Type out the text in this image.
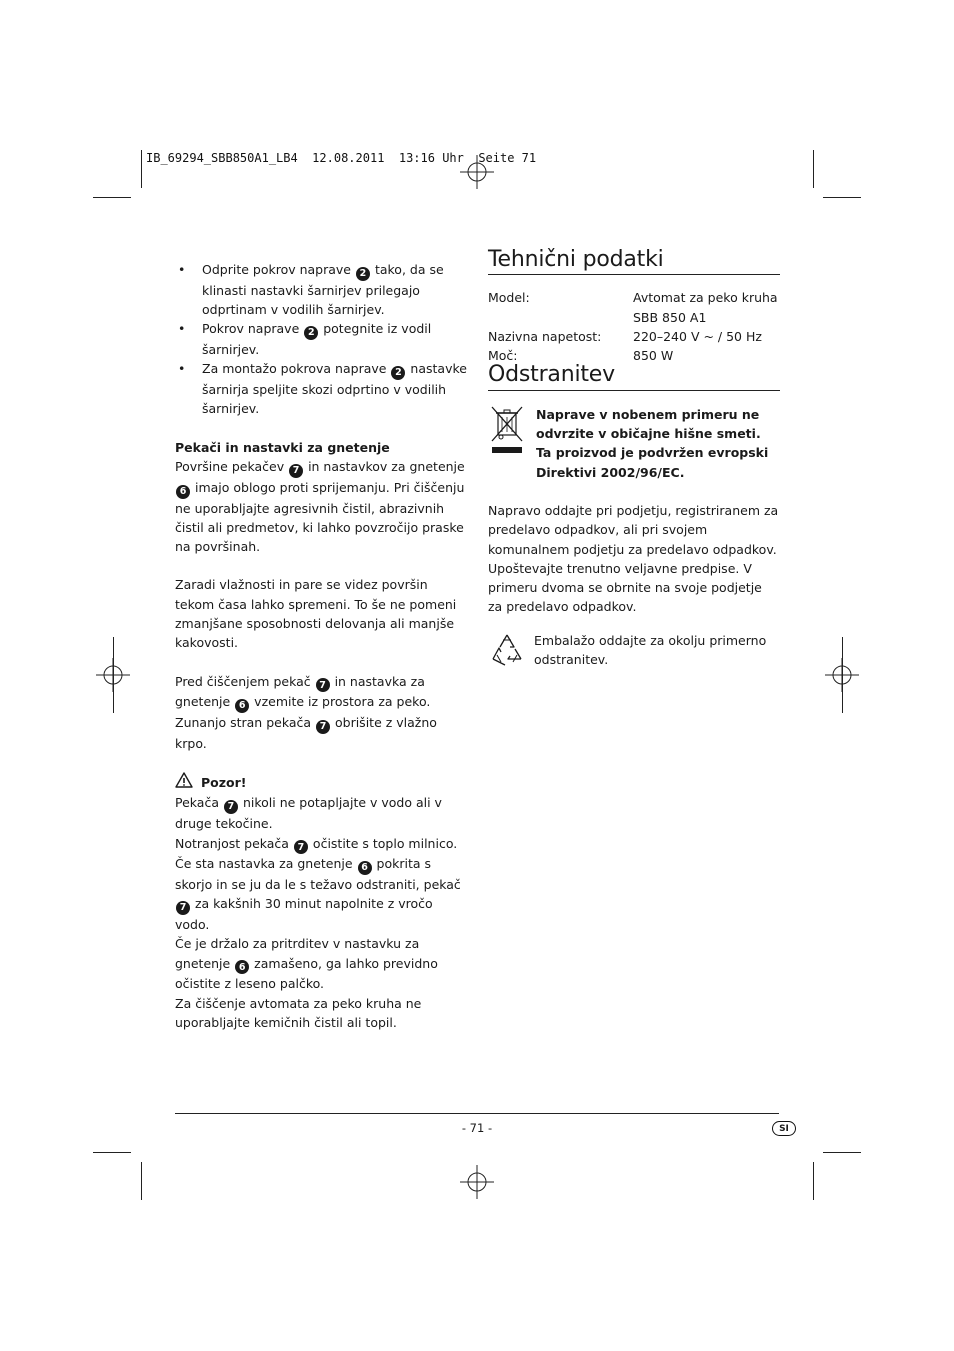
IB_69294_SBB850A1_LB4  12.08.2011  13:16 Uhr  Seite 71
• Odprite pokrov naprave 2 tako, da se klinasti nastavki šarnirjev prilegajo odprtinam v vodilih šarnirjev.
• Pokrov naprave 2 potegnite iz vodil šarnirjev.
• Za montažo pokrova naprave 2 nastavke šarnirja speljite skozi odprtino v vodilih šarnirjev.
Pekači in nastavki za gnetenje
Površine pekačev 7 in nastavkov za gnetenje 6 imajo oblogo proti sprijemanju. Pri čiščenju ne uporabljajte agresivnih čistil, abrazivnih čistil ali predmetov, ki lahko povzročijo praske na površinah.
Zaradi vlažnosti in pare se videz površin tekom časa lahko spremeni. To še ne pomeni zmanjšane sposobnosti delovanja ali manjše kakovosti.
Pred čiščenjem pekač 7 in nastavka za gnetenje 6 vzemite iz prostora za peko. Zunanjo stran pekača 7 obrišite z vlažno krpo.
Pozor!
Pekača 7 nikoli ne potapljajte v vodo ali v druge tekočine.
Notranjost pekača 7 očistite s toplo milnico.
Če sta nastavka za gnetenje 6 pokrita s skorjo in se ju da le s težavo odstraniti, pekač 7 za kakšnih 30 minut napolnite z vročo vodo.
Če je držalo za pritrditev v nastavku za gnetenje 6 zamašeno, ga lahko previdno očistite z leseno palčko.
Za čiščenje avtomata za peko kruha ne uporabljajte kemičnih čistil ali topil.
Tehnični podatki
Model:	Avtomat za peko kruha
SBB 850 A1
Nazivna napetost:	220–240 V ~ / 50 Hz
Moč:	850 W
Odstranitev
Naprave v nobenem primeru ne odvrzite v običajne hišne smeti. Ta proizvod je podvržen evropski Direktivi 2002/96/EC.
Napravo oddajte pri podjetju, registriranem za predelavo odpadkov, ali pri svojem komunalnem podjetju za predelavo odpadkov.
Upoštevajte trenutno veljavne predpise. V primeru dvoma se obrnite na svoje podjetje za predelavo odpadkov.
Embalažo oddajte za okolju primerno odstranitev.
- 71 -	SI
